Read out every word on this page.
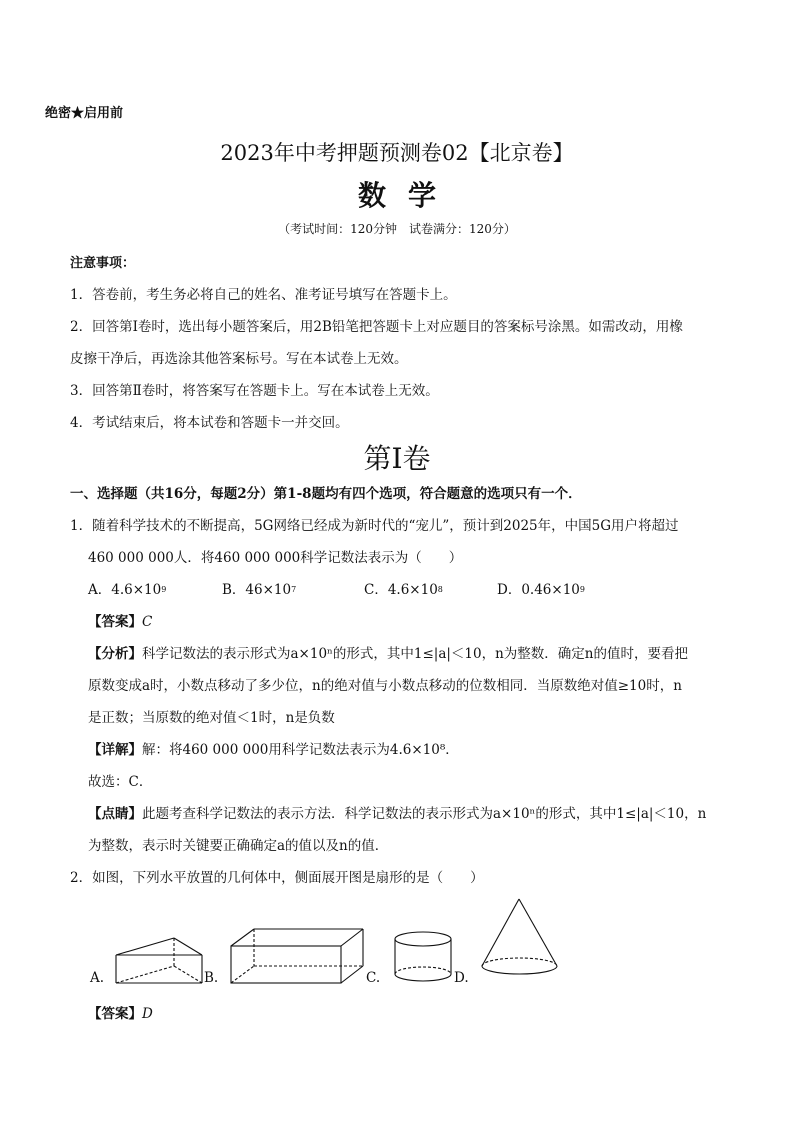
绝密★启用前
2023年中考押题预测卷02【北京卷】
数学
（考试时间：120分钟　试卷满分：120分）
注意事项：
1．答卷前，考生务必将自己的姓名、准考证号填写在答题卡上。
2．回答第Ⅰ卷时，选出每小题答案后，用2B铅笔把答题卡上对应题目的答案标号涂黑。如需改动，用橡
皮擦干净后，再选涂其他答案标号。写在本试卷上无效。
3．回答第Ⅱ卷时，将答案写在答题卡上。写在本试卷上无效。
4．考试结束后，将本试卷和答题卡一并交回。
第Ⅰ卷
一、选择题（共16分，每题2分）第1-8题均有四个选项，符合题意的选项只有一个．
1．随着科学技术的不断提高，5G网络已经成为新时代的“宠儿”，预计到2025年，中国5G用户将超过
460 000 000人．将460 000 000科学记数法表示为（　　）
A．$4.6\times 10^9$	B．$46\times 10^7$	C．$4.6\times 10^8$	D．$0.46\times 10^9$
【答案】C
【分析】科学记数法的表示形式为a×10ⁿ的形式，其中1≤|a|＜10，n为整数．确定n的值时，要看把
原数变成a时，小数点移动了多少位，n的绝对值与小数点移动的位数相同．当原数绝对值≥10时，n
是正数；当原数的绝对值＜1时，n是负数
【详解】解：将460 000 000用科学记数法表示为4.6×10⁸．
故选：C．
【点睛】此题考查科学记数法的表示方法．科学记数法的表示形式为a×10ⁿ的形式，其中1≤|a|＜10，n
为整数，表示时关键要正确确定a的值以及n的值．
2．如图，下列水平放置的几何体中，侧面展开图是扇形的是（　　）
A.	B.	C.	D.
【答案】D
